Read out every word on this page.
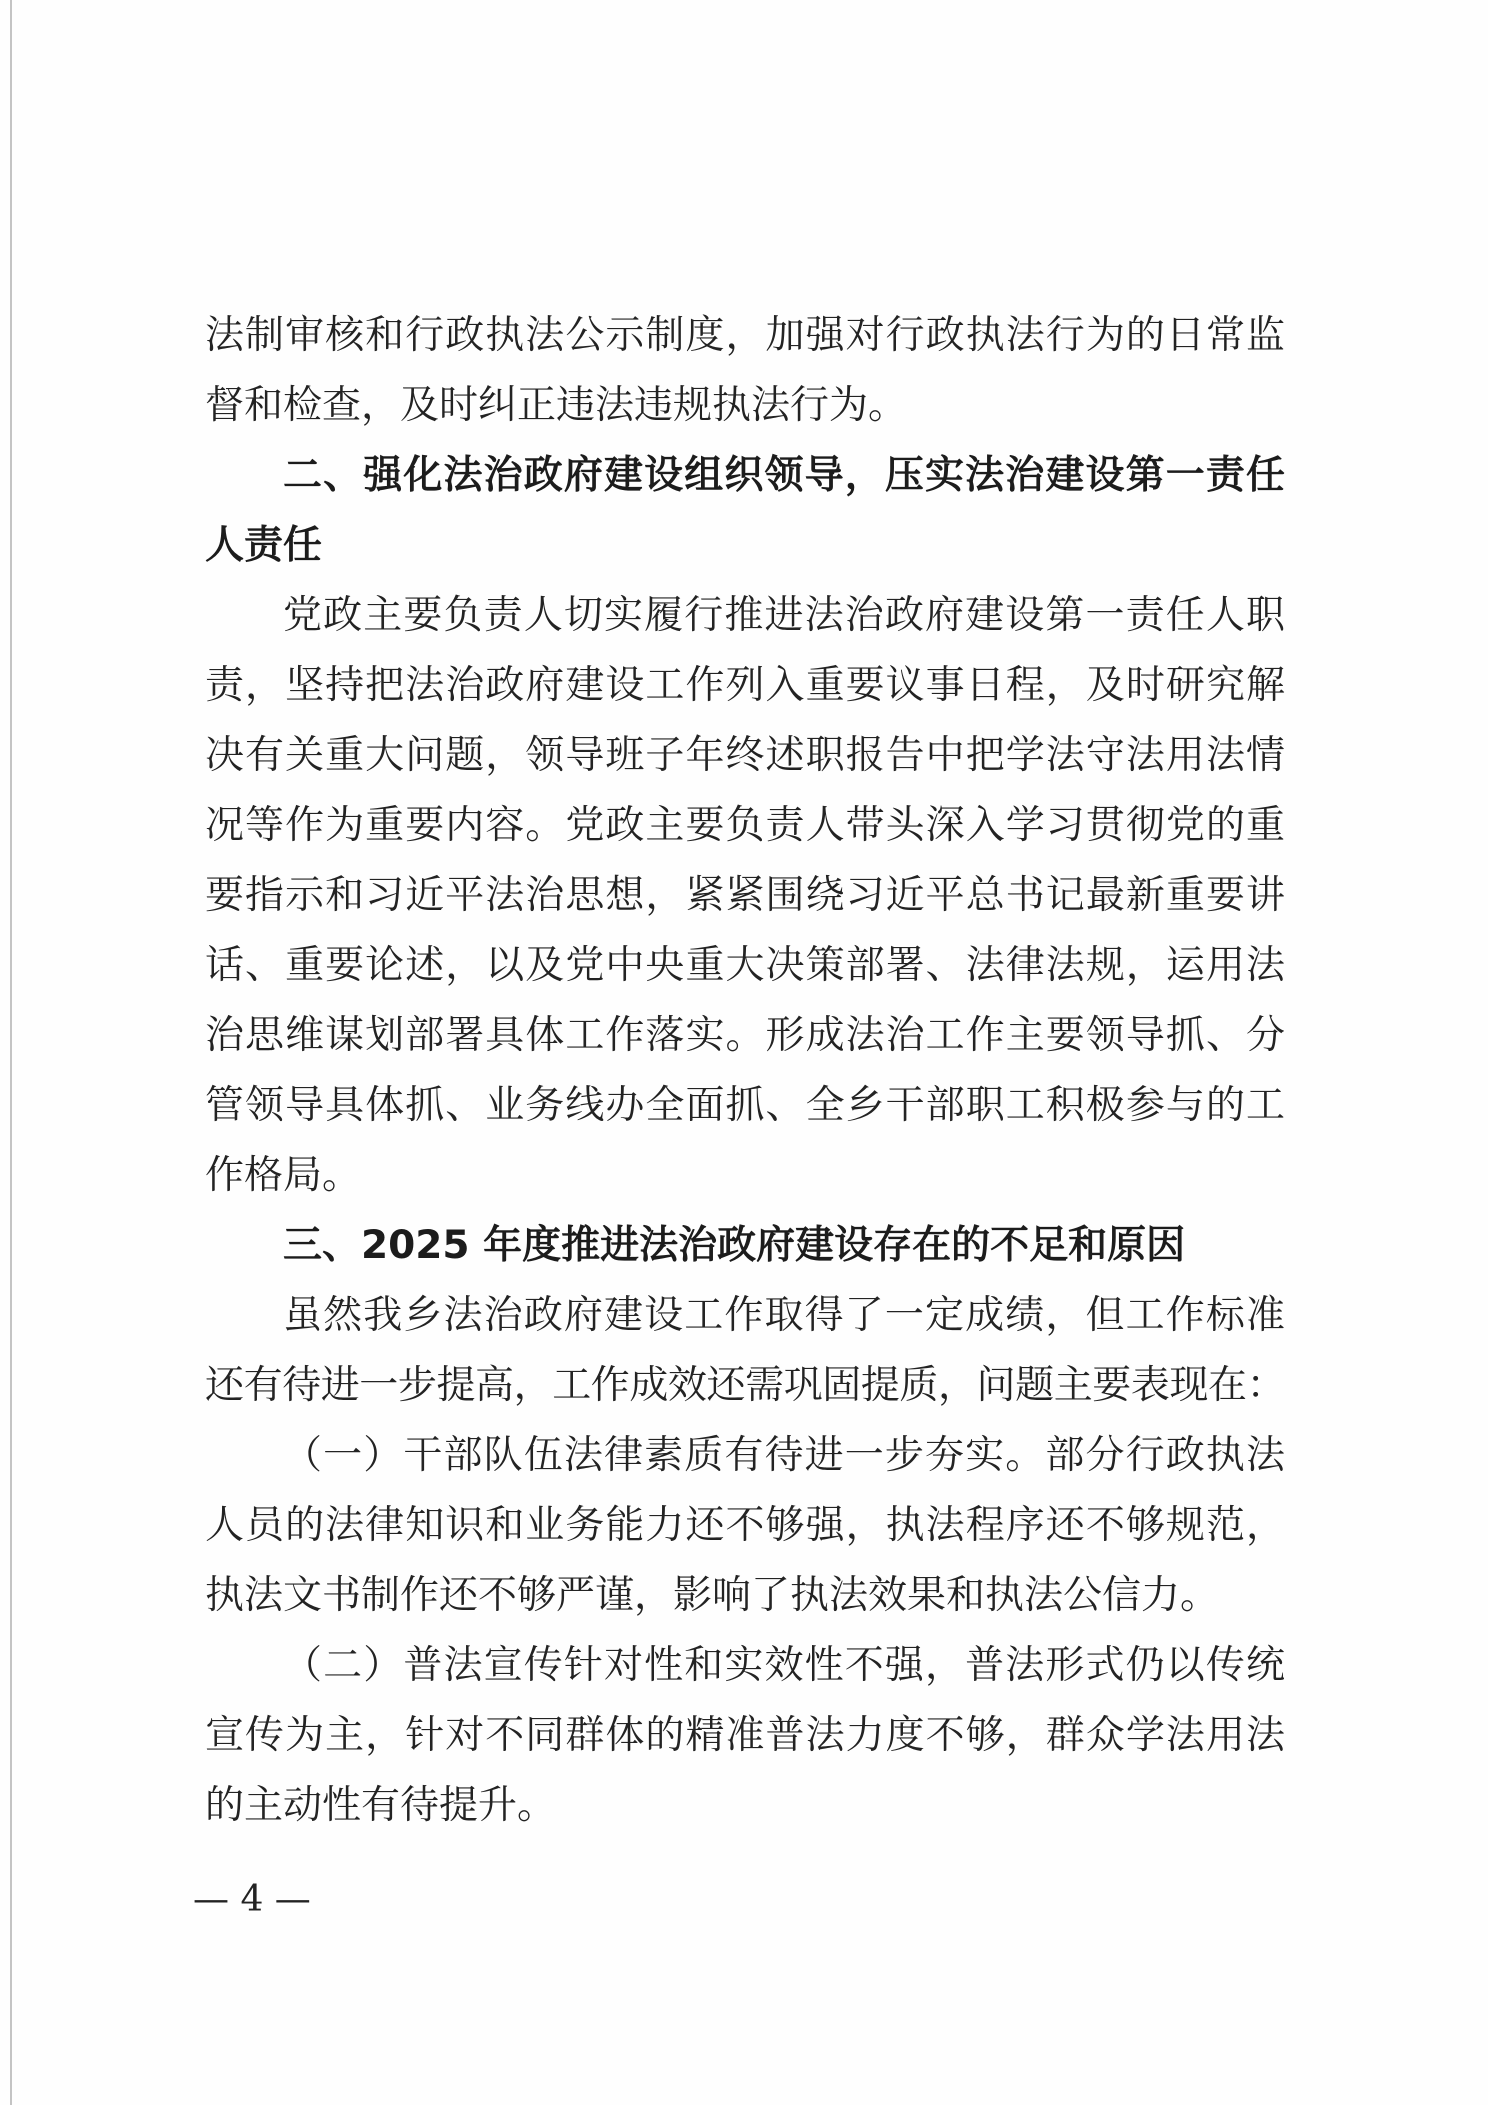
法制审核和行政执法公示制度，加强对行政执法行为的日常监
督和检查，及时纠正违法违规执法行为。
二、强化法治政府建设组织领导，压实法治建设第一责任
人责任
党政主要负责人切实履行推进法治政府建设第一责任人职
责，坚持把法治政府建设工作列入重要议事日程，及时研究解
决有关重大问题，领导班子年终述职报告中把学法守法用法情
况等作为重要内容。党政主要负责人带头深入学习贯彻党的重
要指示和习近平法治思想，紧紧围绕习近平总书记最新重要讲
话、重要论述，以及党中央重大决策部署、法律法规，运用法
治思维谋划部署具体工作落实。形成法治工作主要领导抓、分
管领导具体抓、业务线办全面抓、全乡干部职工积极参与的工
作格局。
三、2025 年度推进法治政府建设存在的不足和原因
虽然我乡法治政府建设工作取得了一定成绩，但工作标准
还有待进一步提高，工作成效还需巩固提质，问题主要表现在：
（一）干部队伍法律素质有待进一步夯实。部分行政执法
人员的法律知识和业务能力还不够强，执法程序还不够规范，
执法文书制作还不够严谨，影响了执法效果和执法公信力。
（二）普法宣传针对性和实效性不强，普法形式仍以传统
宣传为主，针对不同群体的精准普法力度不够，群众学法用法
的主动性有待提升。
— 4 —
